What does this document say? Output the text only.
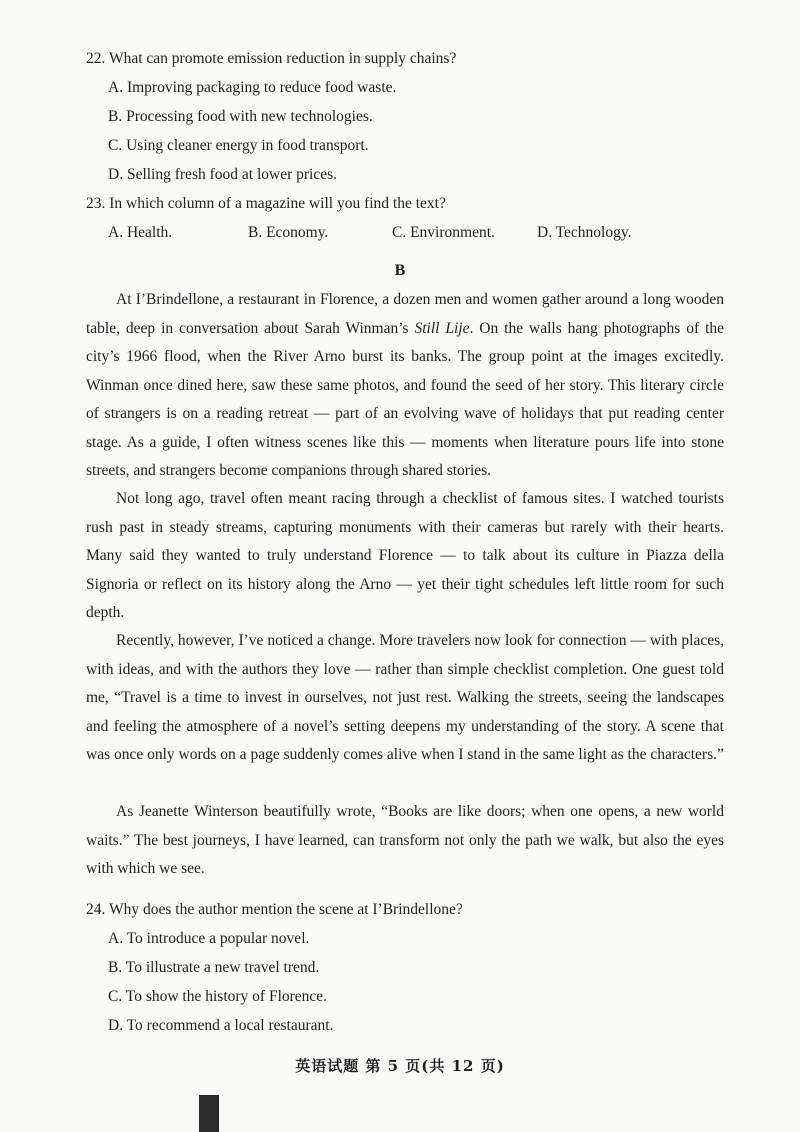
22. What can promote emission reduction in supply chains?
A. Improving packaging to reduce food waste.
B. Processing food with new technologies.
C. Using cleaner energy in food transport.
D. Selling fresh food at lower prices.
23. In which column of a magazine will you find the text?
A. Health.	B. Economy.	C. Environment.	D. Technology.
B

At I’Brindellone, a restaurant in Florence, a dozen men and women gather around a long wooden table, deep in conversation about Sarah Winman’s Still Lije. On the walls hang photographs of the city’s 1966 flood, when the River Arno burst its banks. The group point at the images excitedly. Winman once dined here, saw these same photos, and found the seed of her story. This literary circle of strangers is on a reading retreat — part of an evolving wave of holidays that put reading center stage. As a guide, I often witness scenes like this — moments when literature pours life into stone streets, and strangers become companions through shared stories.

Not long ago, travel often meant racing through a checklist of famous sites. I watched tourists rush past in steady streams, capturing monuments with their cameras but rarely with their hearts. Many said they wanted to truly understand Florence — to talk about its culture in Piazza della Signoria or reflect on its history along the Arno — yet their tight schedules left little room for such depth.

Recently, however, I’ve noticed a change. More travelers now look for connection — with places, with ideas, and with the authors they love — rather than simple checklist completion. One guest told me, “Travel is a time to invest in ourselves, not just rest. Walking the streets, seeing the landscapes and feeling the atmosphere of a novel’s setting deepens my understanding of the story. A scene that was once only words on a page suddenly comes alive when I stand in the same light as the characters.”

As Jeanette Winterson beautifully wrote, “Books are like doors; when one opens, a new world waits.” The best journeys, I have learned, can transform not only the path we walk, but also the eyes with which we see.

24. Why does the author mention the scene at I’Brindellone?
A. To introduce a popular novel.
B. To illustrate a new travel trend.
C. To show the history of Florence.
D. To recommend a local restaurant.
英语试题 第 5 页(共 12 页)
